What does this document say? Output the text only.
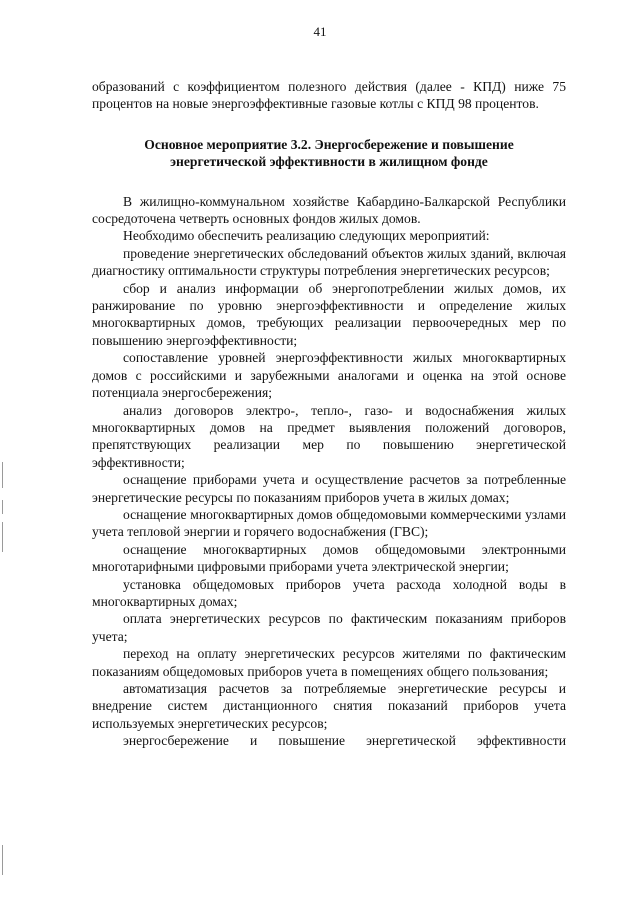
41

образований с коэффициентом полезного действия (далее - КПД) ниже 75 процентов на новые энергоэффективные газовые котлы с КПД 98 процентов.

Основное мероприятие 3.2. Энергосбережение и повышение
энергетической эффективности в жилищном фонде

В жилищно-коммунальном хозяйстве Кабардино-Балкарской Республики сосредоточена четверть основных фондов жилых домов.

Необходимо обеспечить реализацию следующих мероприятий:

проведение энергетических обследований объектов жилых зданий, включая диагностику оптимальности структуры потребления энергетических ресурсов;

сбор и анализ информации об энергопотреблении жилых домов, их ранжирование по уровню энергоэффективности и определение жилых многоквартирных домов, требующих реализации первоочередных мер по повышению энергоэффективности;

сопоставление уровней энергоэффективности жилых многоквартирных домов с российскими и зарубежными аналогами и оценка на этой основе потенциала энергосбережения;

анализ договоров электро-, тепло-, газо- и водоснабжения жилых многоквартирных домов на предмет выявления положений договоров, препятствующих реализации мер по повышению энергетической эффективности;

оснащение приборами учета и осуществление расчетов за потребленные энергетические ресурсы по показаниям приборов учета в жилых домах;

оснащение многоквартирных домов общедомовыми коммерческими узлами учета тепловой энергии и горячего водоснабжения (ГВС);

оснащение многоквартирных домов общедомовыми электронными многотарифными цифровыми приборами учета электрической энергии;

установка общедомовых приборов учета расхода холодной воды в многоквартирных домах;

оплата энергетических ресурсов по фактическим показаниям приборов учета;

переход на оплату энергетических ресурсов жителями по фактическим показаниям общедомовых приборов учета в помещениях общего пользования;

автоматизация расчетов за потребляемые энергетические ресурсы и внедрение систем дистанционного снятия показаний приборов учета используемых энергетических ресурсов;

энергосбережение и повышение энергетической эффективности
